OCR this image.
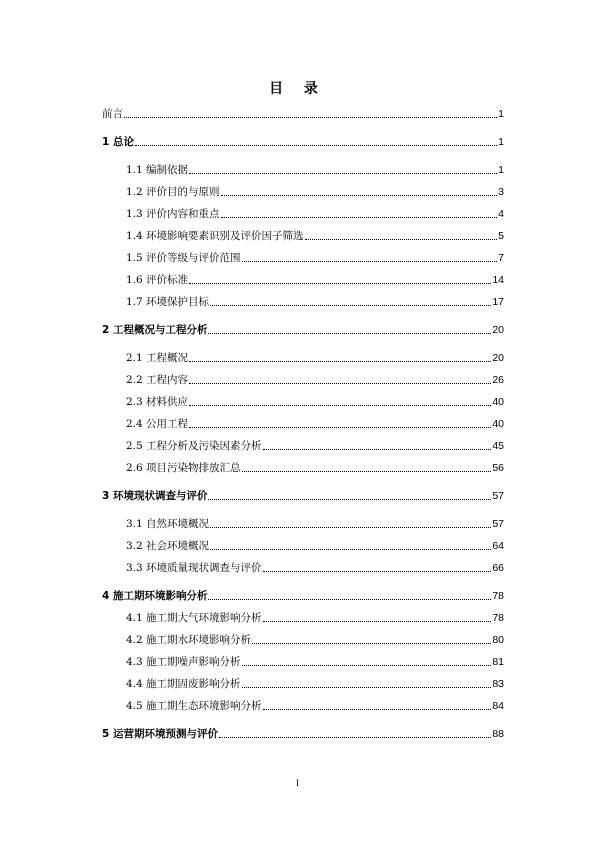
目 录
前言	1
1 总论	1
1.1 编制依据	1
1.2 评价目的与原则	3
1.3 评价内容和重点	4
1.4 环境影响要素识别及评价因子筛选	5
1.5 评价等级与评价范围	7
1.6 评价标准	14
1.7 环境保护目标	17
2 工程概况与工程分析	20
2.1 工程概况	20
2.2 工程内容	26
2.3 材料供应	40
2.4 公用工程	40
2.5 工程分析及污染因素分析	45
2.6 项目污染物排放汇总	56
3 环境现状调查与评价	57
3.1 自然环境概况	57
3.2 社会环境概况	64
3.3 环境质量现状调查与评价	66
4 施工期环境影响分析	78
4.1 施工期大气环境影响分析	78
4.2 施工期水环境影响分析	80
4.3 施工期噪声影响分析	81
4.4 施工期固废影响分析	83
4.5 施工期生态环境影响分析	84
5 运营期环境预测与评价	88
I
